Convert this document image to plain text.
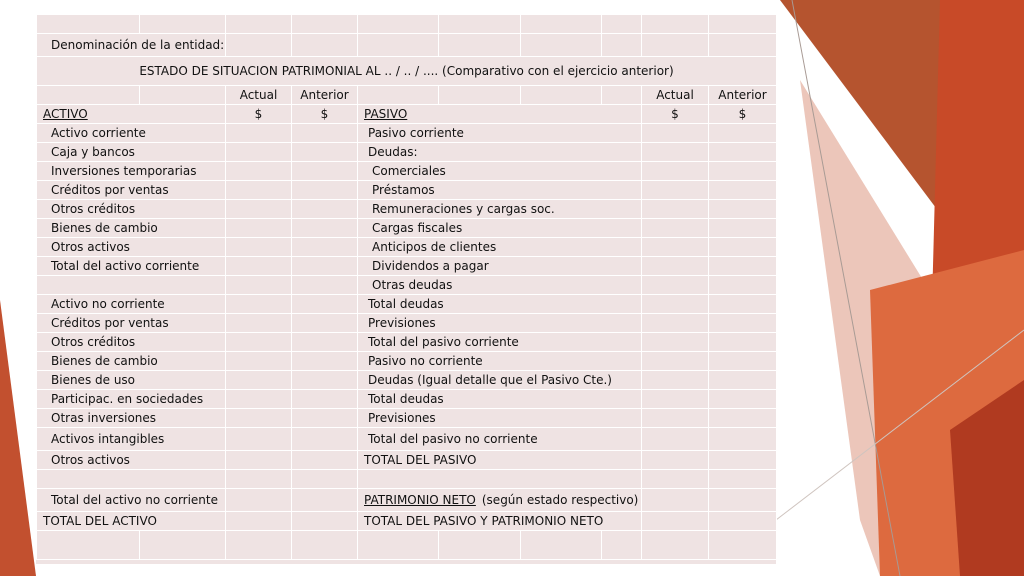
Denominación de la entidad:									
ESTADO DE SITUACION PATRIMONIAL AL .. / .. / .... (Comparativo con el ejercicio anterior)									
		Actual	Anterior					Actual	Anterior
ACTIVO		$	$	PASIVO				$	$
Activo corriente				Pasivo corriente					
Caja y bancos				Deudas:					
Inversiones temporarias				Comerciales					
Créditos por ventas				Préstamos					
Otros créditos				Remuneraciones y cargas soc.					
Bienes de cambio				Cargas fiscales					
Otros activos				Anticipos de clientes					
Total del activo corriente				Dividendos a pagar					
				Otras deudas					
Activo no corriente				Total deudas					
Créditos por ventas				Previsiones					
Otros créditos				Total del pasivo corriente					
Bienes de cambio				Pasivo no corriente					
Bienes de uso				Deudas (Igual detalle que el Pasivo Cte.)					
Participac. en sociedades				Total deudas					
Otras inversiones				Previsiones					
Activos intangibles				Total del pasivo no corriente					
Otros activos				TOTAL DEL PASIVO					

Total del activo no corriente				PATRIMONIO NETO (según estado respectivo)					
TOTAL DEL ACTIVO				TOTAL DEL PASIVO Y PATRIMONIO NETO					
